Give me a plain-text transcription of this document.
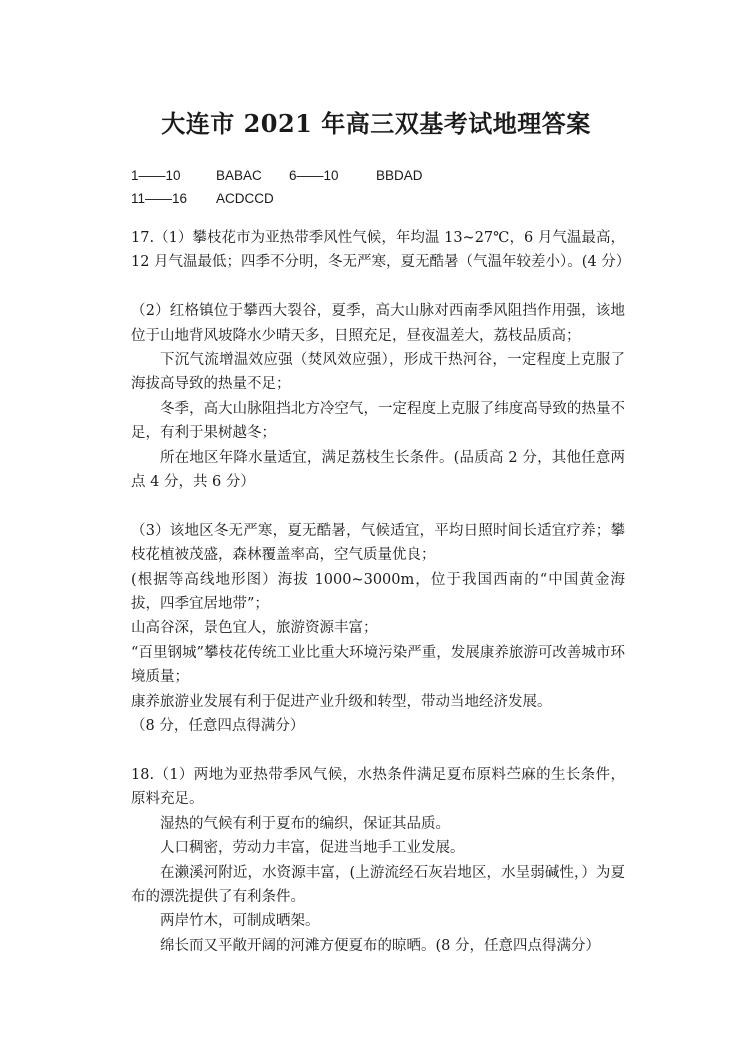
大连市 2021 年高三双基考试地理答案
1——10	BABAC 6——10	BBDAD
11——16 ACDCCD

17.（1）攀枝花市为亚热带季风性气候，年均温 13~27℃，6 月气温最高，12 月气温最低；四季不分明，冬无严寒，夏无酷暑（气温年较差小）。(4 分）

（2）红格镇位于攀西大裂谷，夏季，高大山脉对西南季风阻挡作用强，该地位于山地背风坡降水少晴天多，日照充足，昼夜温差大，荔枝品质高；

下沉气流增温效应强（焚风效应强），形成干热河谷，一定程度上克服了海拔高导致的热量不足；

冬季，高大山脉阻挡北方冷空气，一定程度上克服了纬度高导致的热量不足，有利于果树越冬；

所在地区年降水量适宜，满足荔枝生长条件。(品质高 2 分，其他任意两点 4 分，共 6 分）

（3）该地区冬无严寒，夏无酷暑，气候适宜，平均日照时间长适宜疗养；攀枝花植被茂盛，森林覆盖率高，空气质量优良；

(根据等高线地形图）海拔 1000~3000m，位于我国西南的“中国黄金海拔，四季宜居地带”；

山高谷深，景色宜人，旅游资源丰富；

“百里钢城”攀枝花传统工业比重大环境污染严重，发展康养旅游可改善城市环境质量；

康养旅游业发展有利于促进产业升级和转型，带动当地经济发展。

（8 分，任意四点得满分）

18.（1）两地为亚热带季风气候，水热条件满足夏布原料苎麻的生长条件，原料充足。

湿热的气候有利于夏布的编织，保证其品质。

人口稠密，劳动力丰富，促进当地手工业发展。

在濑溪河附近，水资源丰富，(上游流经石灰岩地区，水呈弱碱性，）为夏布的漂洗提供了有利条件。

两岸竹木，可制成晒架。

绵长而又平敞开阔的河滩方便夏布的晾晒。(8 分，任意四点得满分）
